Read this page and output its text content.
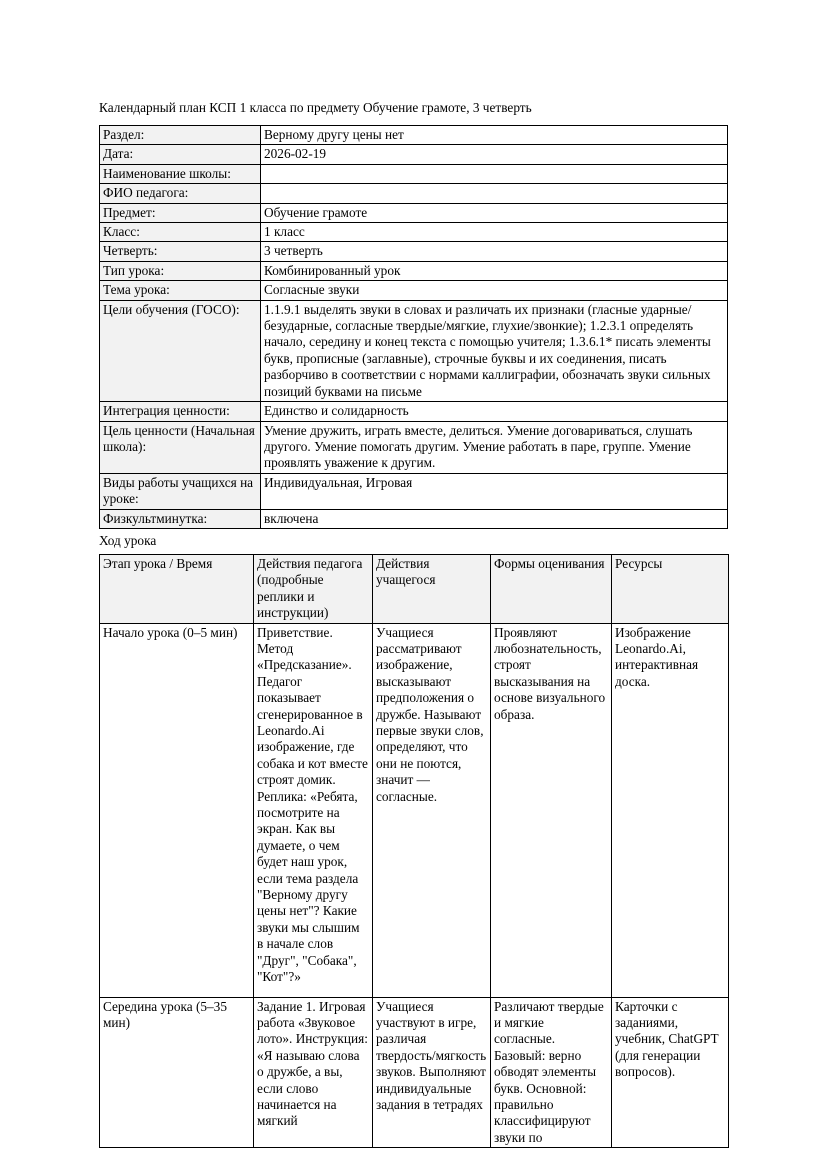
Календарный план КСП 1 класса по предмету Обучение грамоте, 3 четверть
Раздел:	Верному другу цены нет
Дата:	2026-02-19
Наименование школы:	
ФИО педагога:	
Предмет:	Обучение грамоте
Класс:	1 класс
Четверть:	3 четверть
Тип урока:	Комбинированный урок
Тема урока:	Согласные звуки
Цели обучения (ГОСО):	1.1.9.1 выделять звуки в словах и различать их признаки (гласные ударные/безударные, согласные твердые/мягкие, глухие/звонкие); 1.2.3.1 определять начало, середину и конец текста с помощью учителя; 1.3.6.1* писать элементы букв, прописные (заглавные), строчные буквы и их соединения, писать разборчиво в соответствии с нормами каллиграфии, обозначать звуки сильных позиций буквами на письме
Интеграция ценности:	Единство и солидарность
Цель ценности (Начальная школа):	Умение дружить, играть вместе, делиться. Умение договариваться, слушать другого. Умение помогать другим. Умение работать в паре, группе. Умение проявлять уважение к другим.
Виды работы учащихся на уроке:	Индивидуальная, Игровая
Физкультминутка:	включена
Ход урока
Этап урока / Время	Действия педагога (подробные реплики и инструкции)	Действия учащегося	Формы оценивания	Ресурсы
Начало урока (0–5 мин)	Приветствие. Метод «Предсказание». Педагог показывает сгенерированное в Leonardo.Ai изображение, где собака и кот вместе строят домик. Реплика: «Ребята, посмотрите на экран. Как вы думаете, о чем будет наш урок, если тема раздела "Верному другу цены нет"? Какие звуки мы слышим в начале слов "Друг", "Собака", "Кот"?»	Учащиеся рассматривают изображение, высказывают предположения о дружбе. Называют первые звуки слов, определяют, что они не поются, значит — согласные.	Проявляют любознательность, строят высказывания на основе визуального образа.	Изображение Leonardo.Ai, интерактивная доска.
Середина урока (5–35 мин)	Задание 1. Игровая работа «Звуковое лото». Инструкция: «Я называю слова о дружбе, а вы, если слово начинается на мягкий	Учащиеся участвуют в игре, различая твердость/мягкость звуков. Выполняют индивидуальные задания в тетрадях	Различают твердые и мягкие согласные. Базовый: верно обводят элементы букв. Основной: правильно классифицируют звуки по	Карточки с заданиями, учебник, ChatGPT (для генерации вопросов).
